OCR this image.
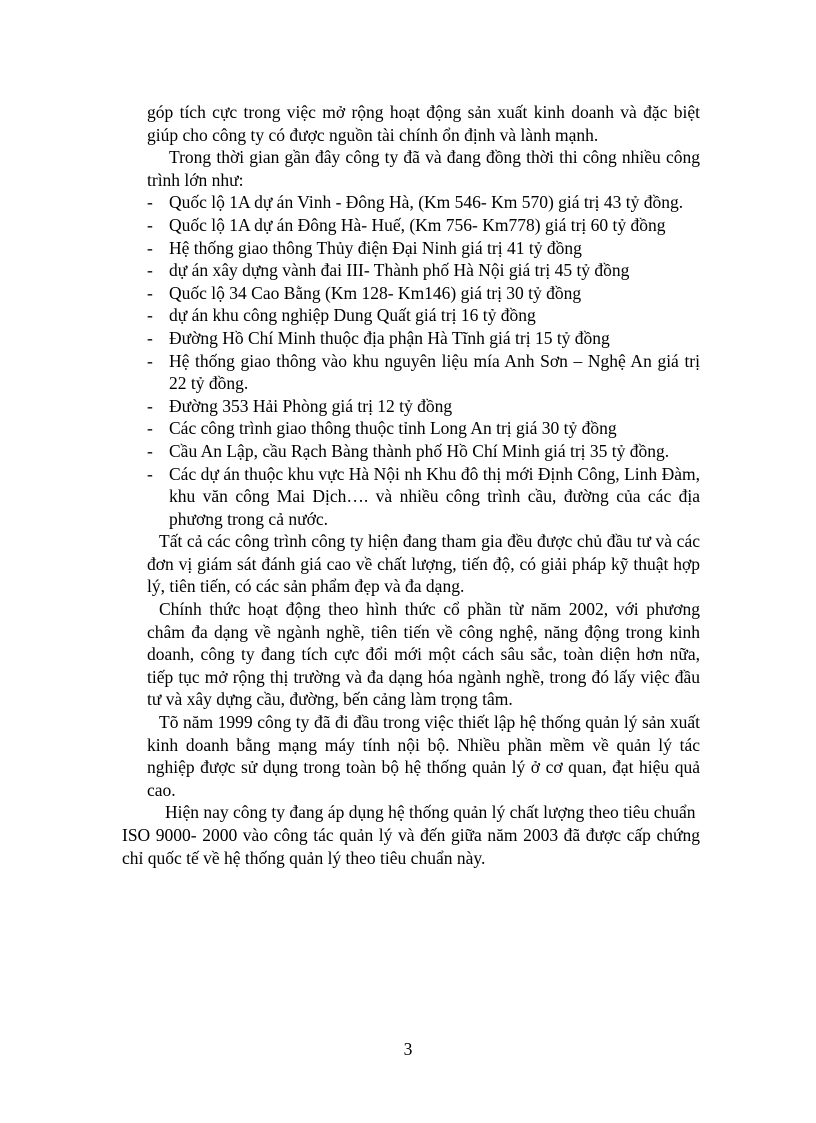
góp tích cực trong việc mở rộng hoạt động sản xuất kinh doanh và đặc biệt giúp cho công ty có được nguồn tài chính ổn định và lành mạnh.

Trong thời gian gần đây công ty đã và đang đồng thời thi công nhiều công trình lớn như:

- Quốc lộ 1A dự án Vinh - Đông Hà, (Km 546- Km 570) giá trị 43 tỷ đồng.
- Quốc lộ 1A dự án Đông Hà- Huế, (Km 756- Km778) giá trị 60 tỷ đồng
- Hệ thống giao thông Thủy điện Đại Ninh giá trị 41 tỷ đồng
- dự án xây dựng vành đai III- Thành phố Hà Nội giá trị 45 tỷ đồng
- Quốc lộ 34 Cao Bằng (Km 128- Km146) giá trị 30 tỷ đồng
- dự án khu công nghiệp Dung Quất giá trị 16 tỷ đồng
- Đường Hồ Chí Minh thuộc địa phận Hà Tĩnh giá trị 15 tỷ đồng
- Hệ thống giao thông vào khu nguyên liệu mía Anh Sơn – Nghệ An giá trị 22 tỷ đồng.
- Đường 353 Hải Phòng giá trị 12 tỷ đồng
- Các công trình giao thông thuộc tỉnh Long An trị giá 30 tỷ đồng
- Cầu An Lập, cầu Rạch Bàng thành phố Hồ Chí Minh giá trị 35 tỷ đồng.
- Các dự án thuộc khu vực Hà Nội nh Khu đô thị mới Định Công, Linh Đàm, khu văn công Mai Dịch…. và nhiều công trình cầu, đường của các địa phương trong cả nước.

Tất cả các công trình công ty hiện đang tham gia đều được chủ đầu tư và các đơn vị giám sát đánh giá cao về chất lượng, tiến độ, có giải pháp kỹ thuật hợp lý, tiên tiến, có các sản phẩm đẹp và đa dạng.

Chính thức hoạt động theo hình thức cổ phần từ năm 2002, với phương châm đa dạng về ngành nghề, tiên tiến về công nghệ, năng động trong kinh doanh, công ty đang tích cực đổi mới một cách sâu sắc, toàn diện hơn nữa, tiếp tục mở rộng thị trường và đa dạng hóa ngành nghề, trong đó lấy việc đầu tư và xây dựng cầu, đường, bến cảng làm trọng tâm.

Tõ năm 1999 công ty đã đi đầu trong việc thiết lập hệ thống quản lý sản xuất kinh doanh bằng mạng máy tính nội bộ. Nhiều phần mềm về quản lý tác nghiệp được sử dụng trong toàn bộ hệ thống quản lý ở cơ quan, đạt hiệu quả cao.

Hiện nay công ty đang áp dụng hệ thống quản lý chất lượng theo tiêu chuẩn

ISO 9000- 2000 vào công tác quản lý và đến giữa năm 2003 đã được cấp chứng chỉ quốc tế về hệ thống quản lý theo tiêu chuẩn này.

3
